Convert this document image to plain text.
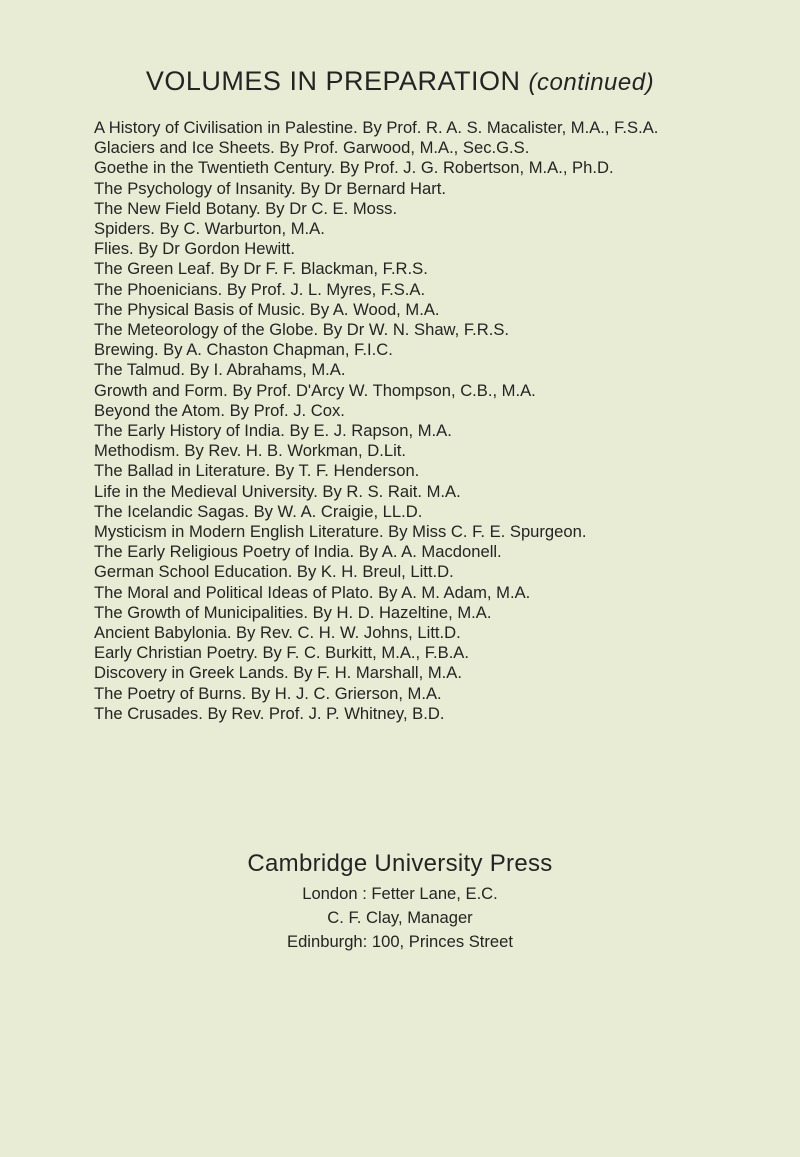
VOLUMES IN PREPARATION (continued)
A History of Civilisation in Palestine. By Prof. R. A. S. Macalister, M.A., F.S.A.
Glaciers and Ice Sheets. By Prof. Garwood, M.A., Sec.G.S.
Goethe in the Twentieth Century. By Prof. J. G. Robertson, M.A., Ph.D.
The Psychology of Insanity. By Dr Bernard Hart.
The New Field Botany. By Dr C. E. Moss.
Spiders. By C. Warburton, M.A.
Flies. By Dr Gordon Hewitt.
The Green Leaf. By Dr F. F. Blackman, F.R.S.
The Phoenicians. By Prof. J. L. Myres, F.S.A.
The Physical Basis of Music. By A. Wood, M.A.
The Meteorology of the Globe. By Dr W. N. Shaw, F.R.S.
Brewing. By A. Chaston Chapman, F.I.C.
The Talmud. By I. Abrahams, M.A.
Growth and Form. By Prof. D'Arcy W. Thompson, C.B., M.A.
Beyond the Atom. By Prof. J. Cox.
The Early History of India. By E. J. Rapson, M.A.
Methodism. By Rev. H. B. Workman, D.Lit.
The Ballad in Literature. By T. F. Henderson.
Life in the Medieval University. By R. S. Rait. M.A.
The Icelandic Sagas. By W. A. Craigie, LL.D.
Mysticism in Modern English Literature. By Miss C. F. E. Spurgeon.
The Early Religious Poetry of India. By A. A. Macdonell.
German School Education. By K. H. Breul, Litt.D.
The Moral and Political Ideas of Plato. By A. M. Adam, M.A.
The Growth of Municipalities. By H. D. Hazeltine, M.A.
Ancient Babylonia. By Rev. C. H. W. Johns, Litt.D.
Early Christian Poetry. By F. C. Burkitt, M.A., F.B.A.
Discovery in Greek Lands. By F. H. Marshall, M.A.
The Poetry of Burns. By H. J. C. Grierson, M.A.
The Crusades. By Rev. Prof. J. P. Whitney, B.D.
Cambridge University Press
London : Fetter Lane, E.C.
C. F. Clay, Manager
Edinburgh: 100, Princes Street
